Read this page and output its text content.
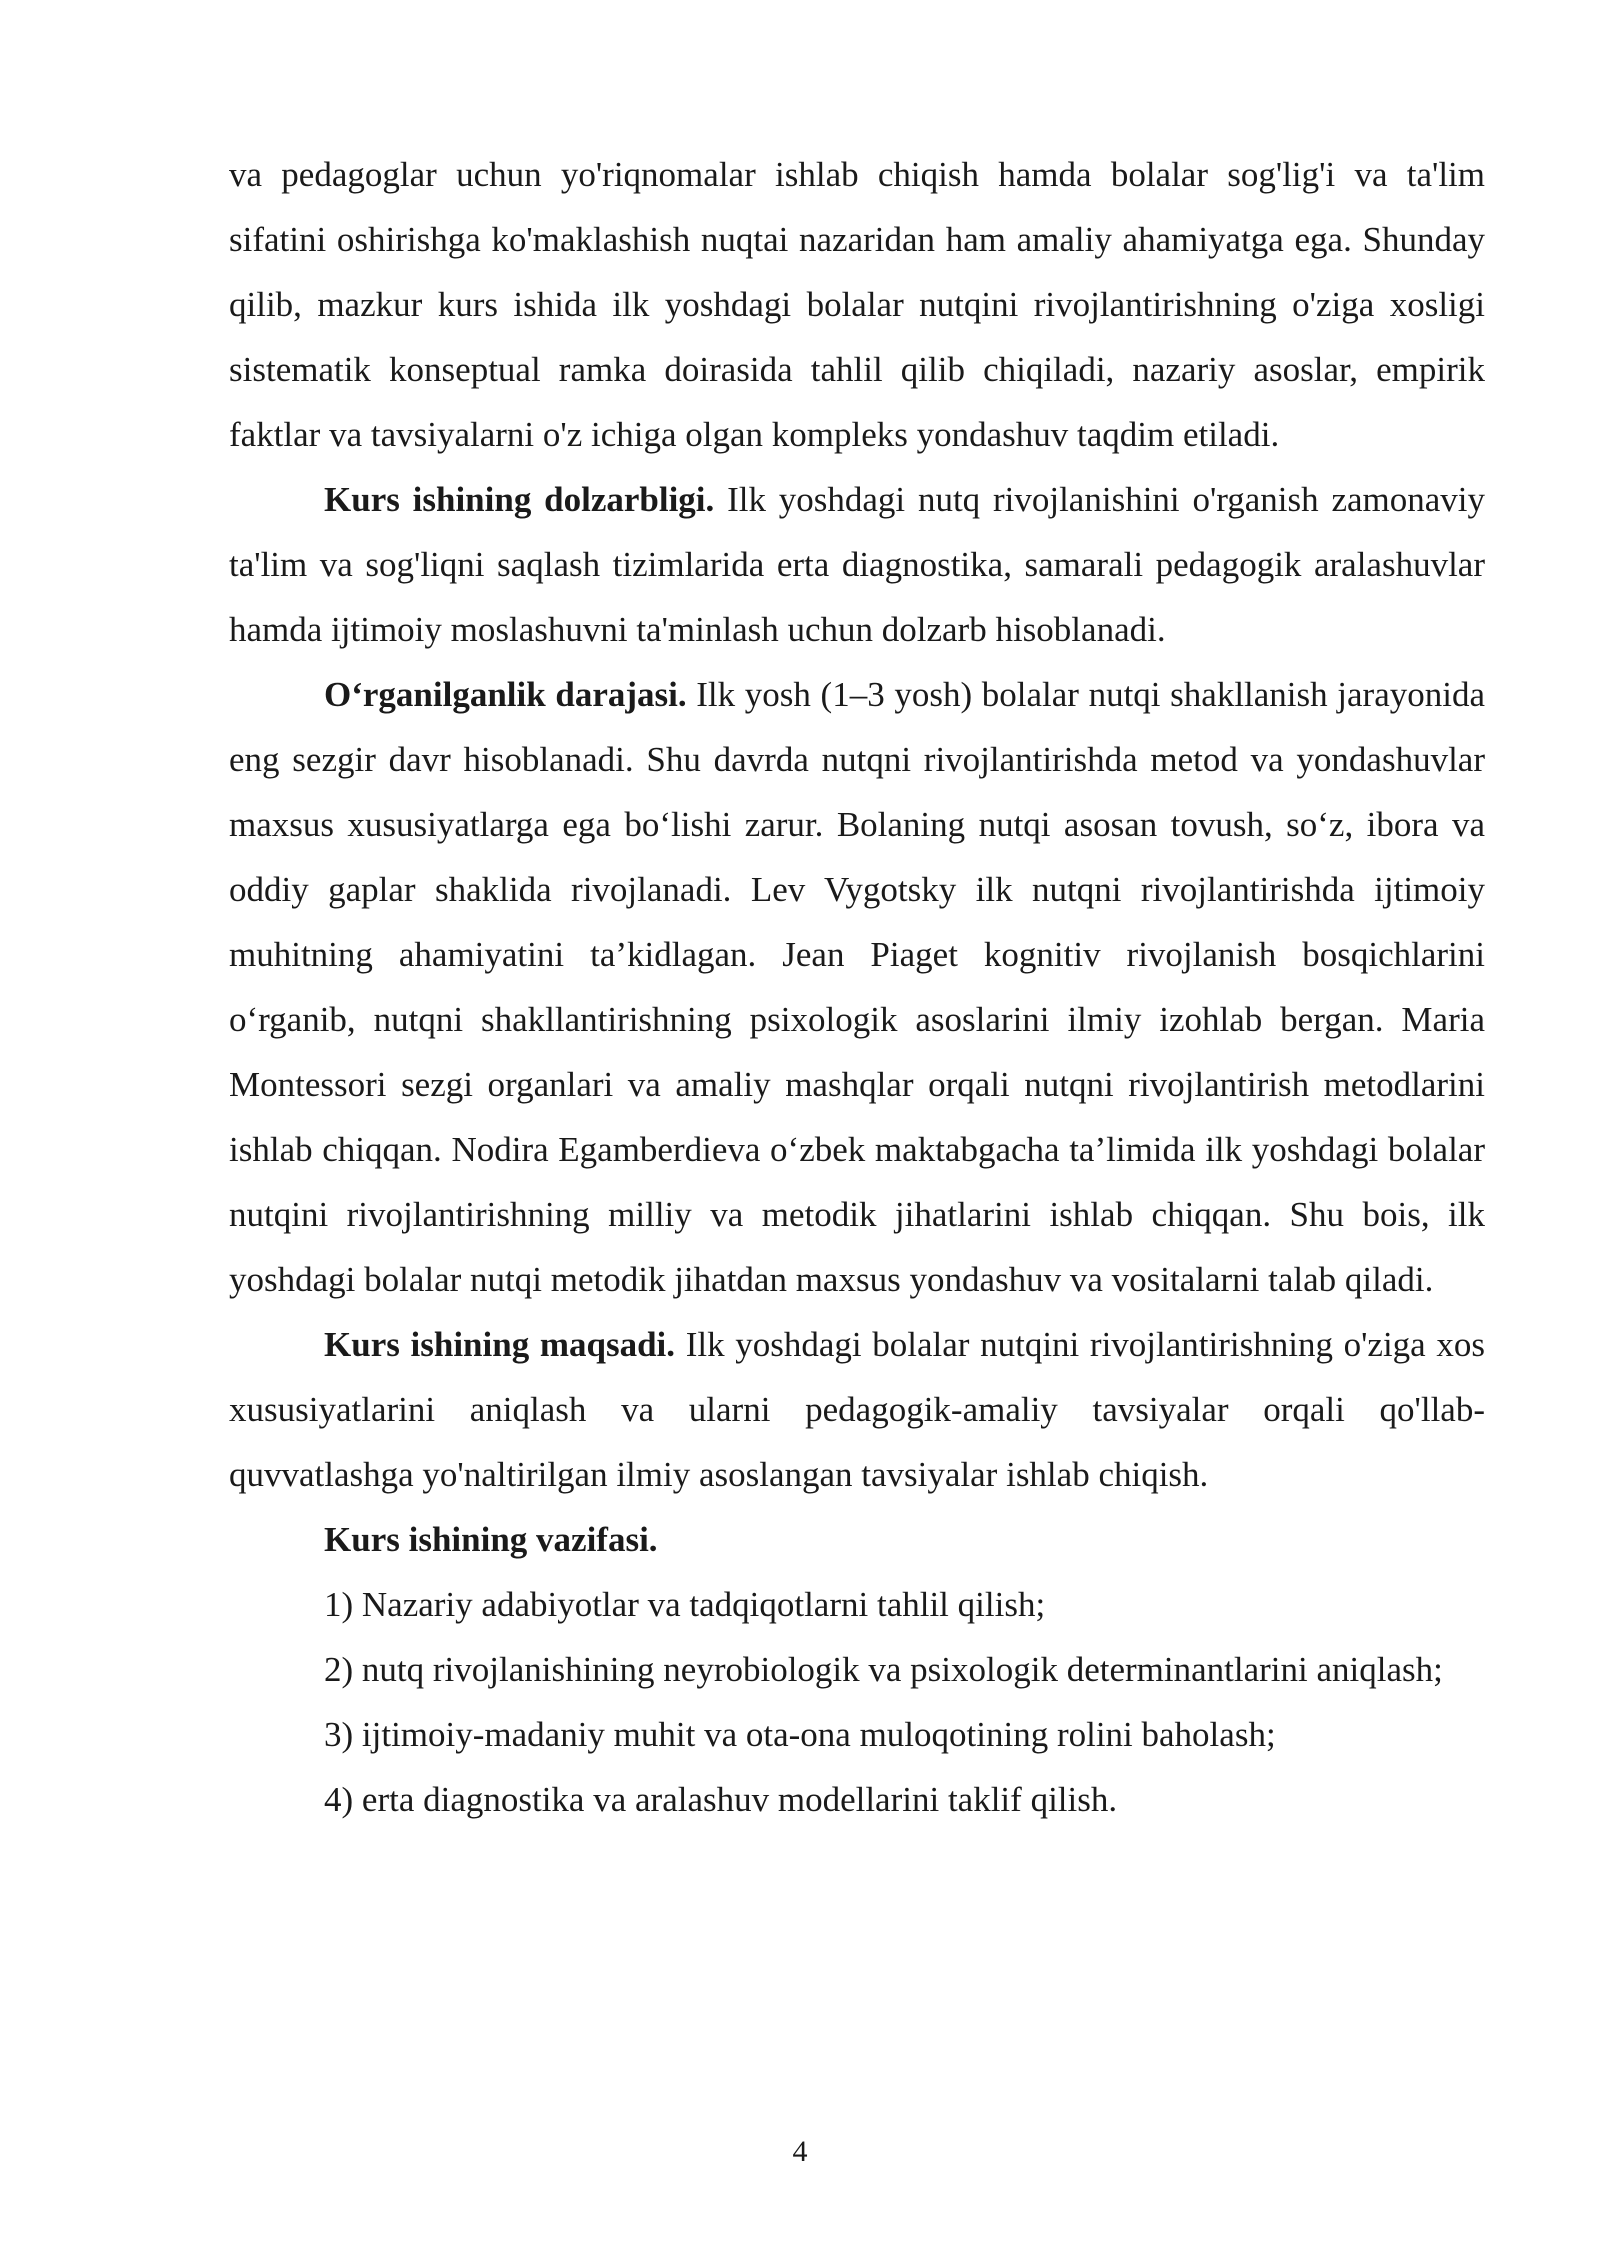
va pedagoglar uchun yo'riqnomalar ishlab chiqish hamda bolalar sog'lig'i va ta'lim sifatini oshirishga ko'maklashish nuqtai nazaridan ham amaliy ahamiyatga ega. Shunday qilib, mazkur kurs ishida ilk yoshdagi bolalar nutqini rivojlantirishning o'ziga xosligi sistematik konseptual ramka doirasida tahlil qilib chiqiladi, nazariy asoslar, empirik faktlar va tavsiyalarni o'z ichiga olgan kompleks yondashuv taqdim etiladi.

Kurs ishining dolzarbligi. Ilk yoshdagi nutq rivojlanishini o'rganish zamonaviy ta'lim va sog'liqni saqlash tizimlarida erta diagnostika, samarali pedagogik aralashuvlar hamda ijtimoiy moslashuvni ta'minlash uchun dolzarb hisoblanadi.

O‘rganilganlik darajasi. Ilk yosh (1–3 yosh) bolalar nutqi shakllanish jarayonida eng sezgir davr hisoblanadi. Shu davrda nutqni rivojlantirishda metod va yondashuvlar maxsus xususiyatlarga ega bo‘lishi zarur. Bolaning nutqi asosan tovush, so‘z, ibora va oddiy gaplar shaklida rivojlanadi. Lev Vygotsky ilk nutqni rivojlantirishda ijtimoiy muhitning ahamiyatini ta’kidlagan. Jean Piaget kognitiv rivojlanish bosqichlarini o‘rganib, nutqni shakllantirishning psixologik asoslarini ilmiy izohlab bergan. Maria Montessori sezgi organlari va amaliy mashqlar orqali nutqni rivojlantirish metodlarini ishlab chiqqan. Nodira Egamberdieva o‘zbek maktabgacha ta’limida ilk yoshdagi bolalar nutqini rivojlantirishning milliy va metodik jihatlarini ishlab chiqqan. Shu bois, ilk yoshdagi bolalar nutqi metodik jihatdan maxsus yondashuv va vositalarni talab qiladi.

Kurs ishining maqsadi. Ilk yoshdagi bolalar nutqini rivojlantirishning o'ziga xos xususiyatlarini aniqlash va ularni pedagogik-amaliy tavsiyalar orqali qo'llab-quvvatlashga yo'naltirilgan ilmiy asoslangan tavsiyalar ishlab chiqish.

Kurs ishining vazifasi.

1) Nazariy adabiyotlar va tadqiqotlarni tahlil qilish;

2) nutq rivojlanishining neyrobiologik va psixologik determinantlarini aniqlash;

3) ijtimoiy-madaniy muhit va ota-ona muloqotining rolini baholash;

4) erta diagnostika va aralashuv modellarini taklif qilish.

4
